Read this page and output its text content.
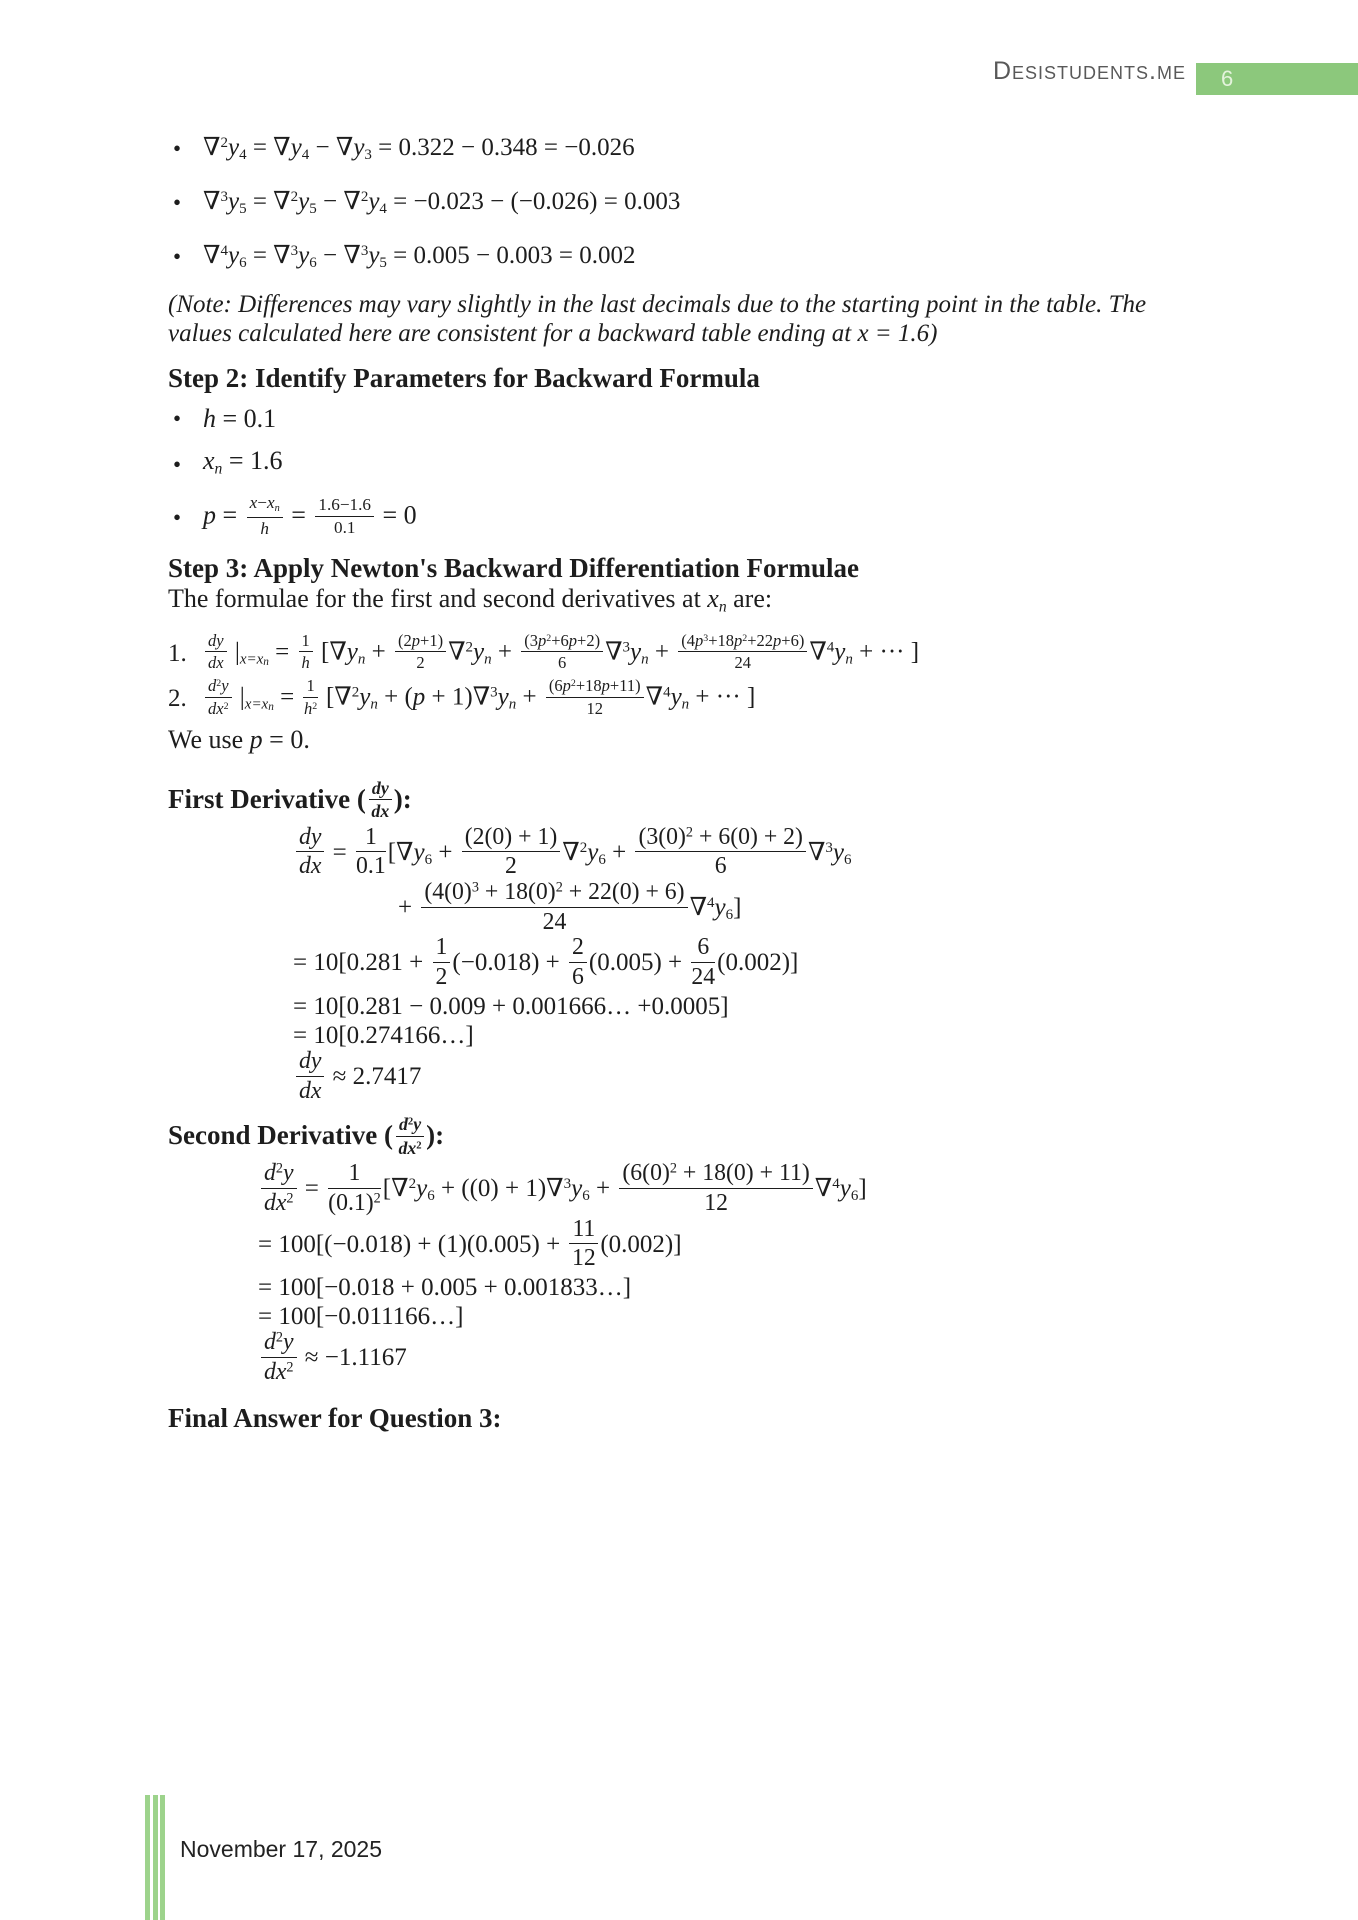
Desistudents.me	6
• ∇$^2$y4 = ∇y4 − ∇y3 = 0.322 − 0.348 = −0.026
• ∇$^3$y5 = ∇$^2$y5 − ∇$^2$y4 = −0.023 − (−0.026) = 0.003
• ∇$^4$y6 = ∇$^3$y6 − ∇$^3$y5 = 0.005 − 0.003 = 0.002

(Note: Differences may vary slightly in the last decimals due to the starting point in the table. The values calculated here are consistent for a backward table ending at x = 1.6)

Step 2: Identify Parameters for Backward Formula
• h = 0.1
• xn = 1.6
• $p = \frac{x-xn}{h} = \frac{1.6-1.6}{0.1} = 0$
Step 3: Apply Newton's Backward Differentiation Formulae

The formulae for the first and second derivatives at xn are:

1.	$\frac{dy}{dx} |x=x_n = \frac{1}{h} [\nabla yn + \frac{(2p+1)}{2} \nabla^2yn + \frac{(3p^2+6p+2)}{6} \nabla^3yn + \frac{(4p^3+18p^2+22p+6)}{24} \nabla^4yn$ + ··· ]
2.	$\frac{d^2y}{dx^2} |x=x_n = \frac{1}{h^2} [\nabla^2yn + (p + 1)\nabla^3yn + \frac{(6p^2+18p+11)}{12} \nabla^4yn$ + ··· ]

We use p = 0.

First Derivative ( $\frac{dy}{dx}$ ):
$\frac{dy}{dx} = \frac{1}{0.1} [\nabla y6 + \frac{(2(0) + 1)}{2} \nabla^2y6 + \frac{(3(0)^2 + 6(0) + 2)}{6} \nabla^3y6$
+ $\frac{(4(0)^3 + 18(0)^2 + 22(0) + 6)}{24} \nabla^4y6$]
= $10[0.281 + \frac{1}{2} (-0.018) + \frac{2}{6} (0.005) + \frac{6}{24} (0.002)]$
= 10[0.281 − 0.009 + 0.001666… +0.0005]
= 10[0.274166…]
$\frac{dy}{dx} \approx 2.7417$
Second Derivative ( $\frac{d^2y}{dx^2}$ ):
$\frac{d^2y}{dx^2} = \frac{1}{(0.1)^2} [\nabla^2y6 + ((0) + 1)\nabla^3y6 + \frac{(6(0)^2 + 18(0) + 11)}{12} \nabla^4y6]$
= $100[(-0.018) + (1)(0.005) + \frac{11}{12} (0.002)]$
= 100[−0.018 + 0.005 + 0.001833…]
= 100[−0.011166…]
$\frac{d^2y}{dx^2} \approx -1.1167$
Final Answer for Question 3:
November 17, 2025
